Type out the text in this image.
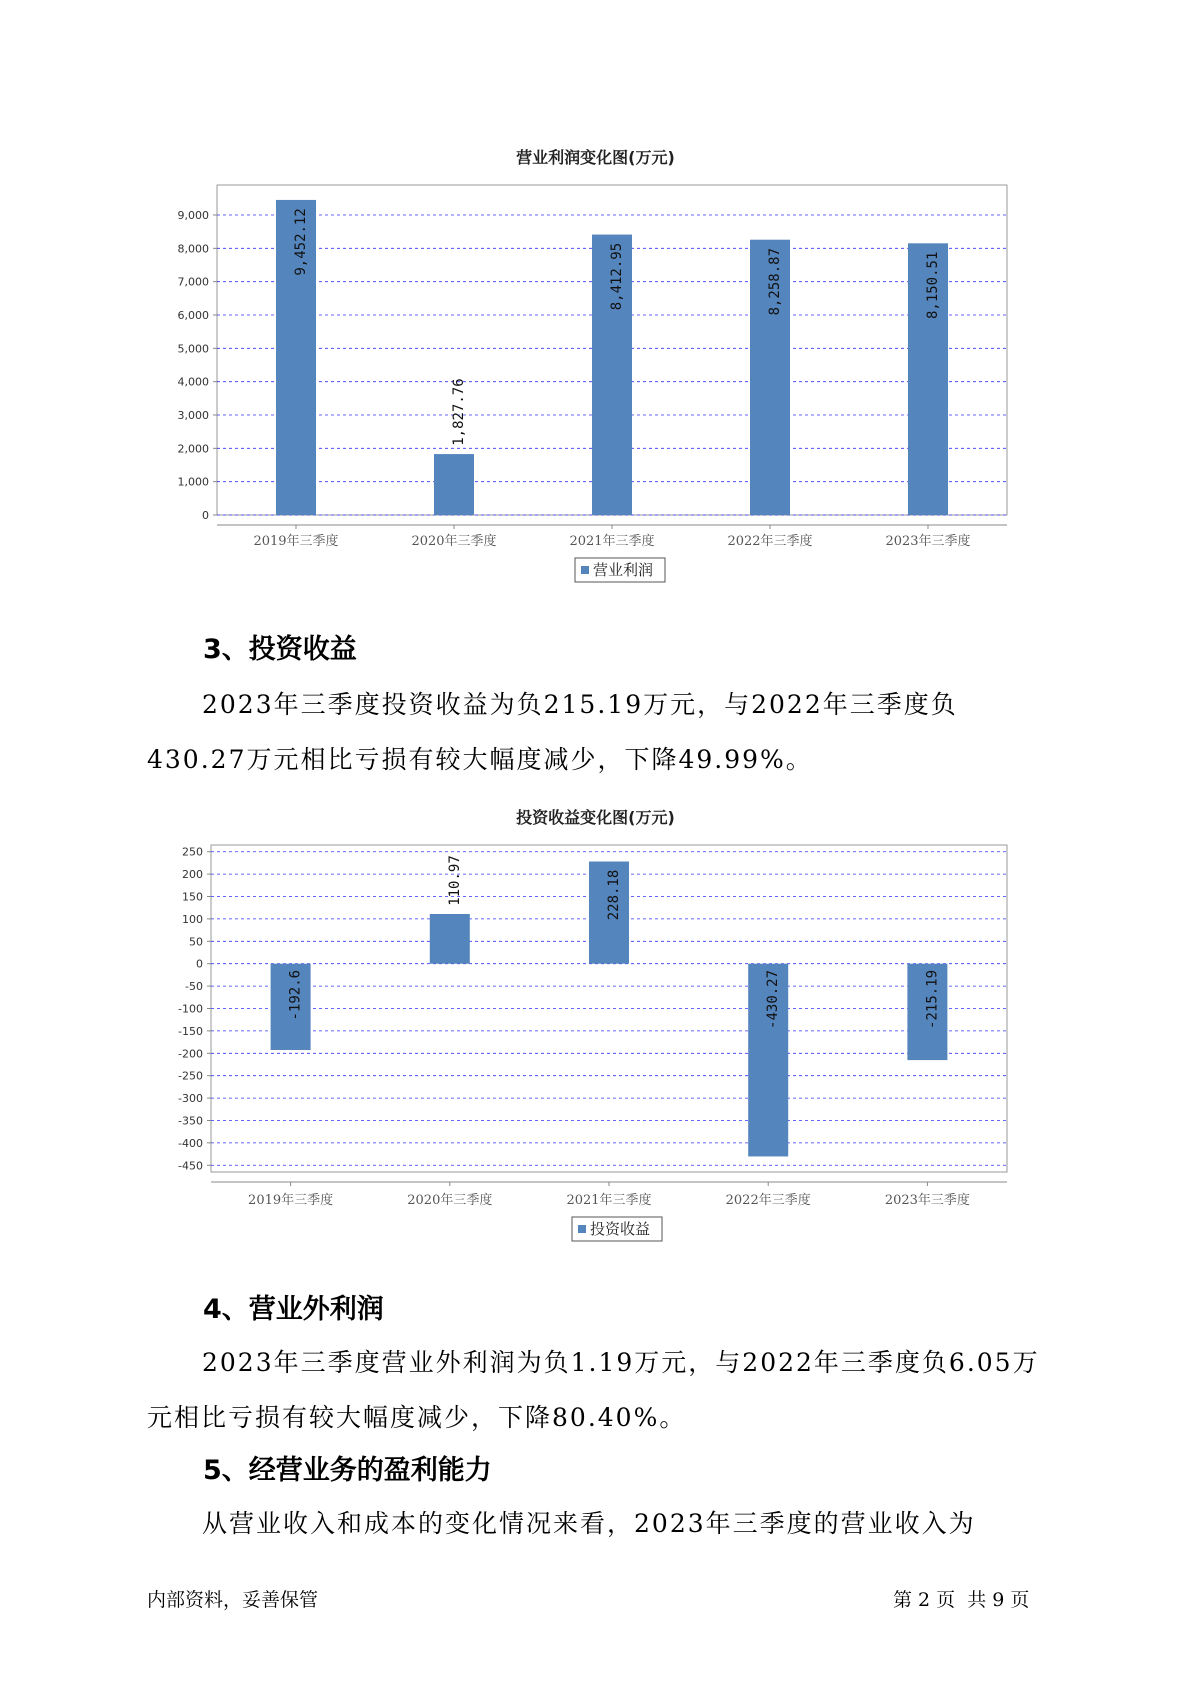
营业利润变化图(万元)
0
1,000
2,000
3,000
4,000
5,000
6,000
7,000
8,000
9,000	9,452.12
2019年三季度
1,827.76
2020年三季度
8,412.95
2021年三季度
8,258.87
2022年三季度
8,150.51
2023年三季度
营业利润
3、投资收益
2023年三季度投资收益为负215.19万元，与2022年三季度负430.27万元相比亏损有较大幅度减少，下降49.99%。
投资收益变化图(万元)
250
200
150
100
50
0
-50
-100
-150
-200
-250
-300
-350
-400
-450
-192.6
2019年三季度
110.97
2020年三季度
228.18
2021年三季度
-430.27
2022年三季度
-215.19
2023年三季度
投资收益
4、营业外利润
2023年三季度营业外利润为负1.19万元，与2022年三季度负6.05万元相比亏损有较大幅度减少，下降80.40%。
5、经营业务的盈利能力
从营业收入和成本的变化情况来看，2023年三季度的营业收入为
内部资料，妥善保管	第 2 页  共 9 页
